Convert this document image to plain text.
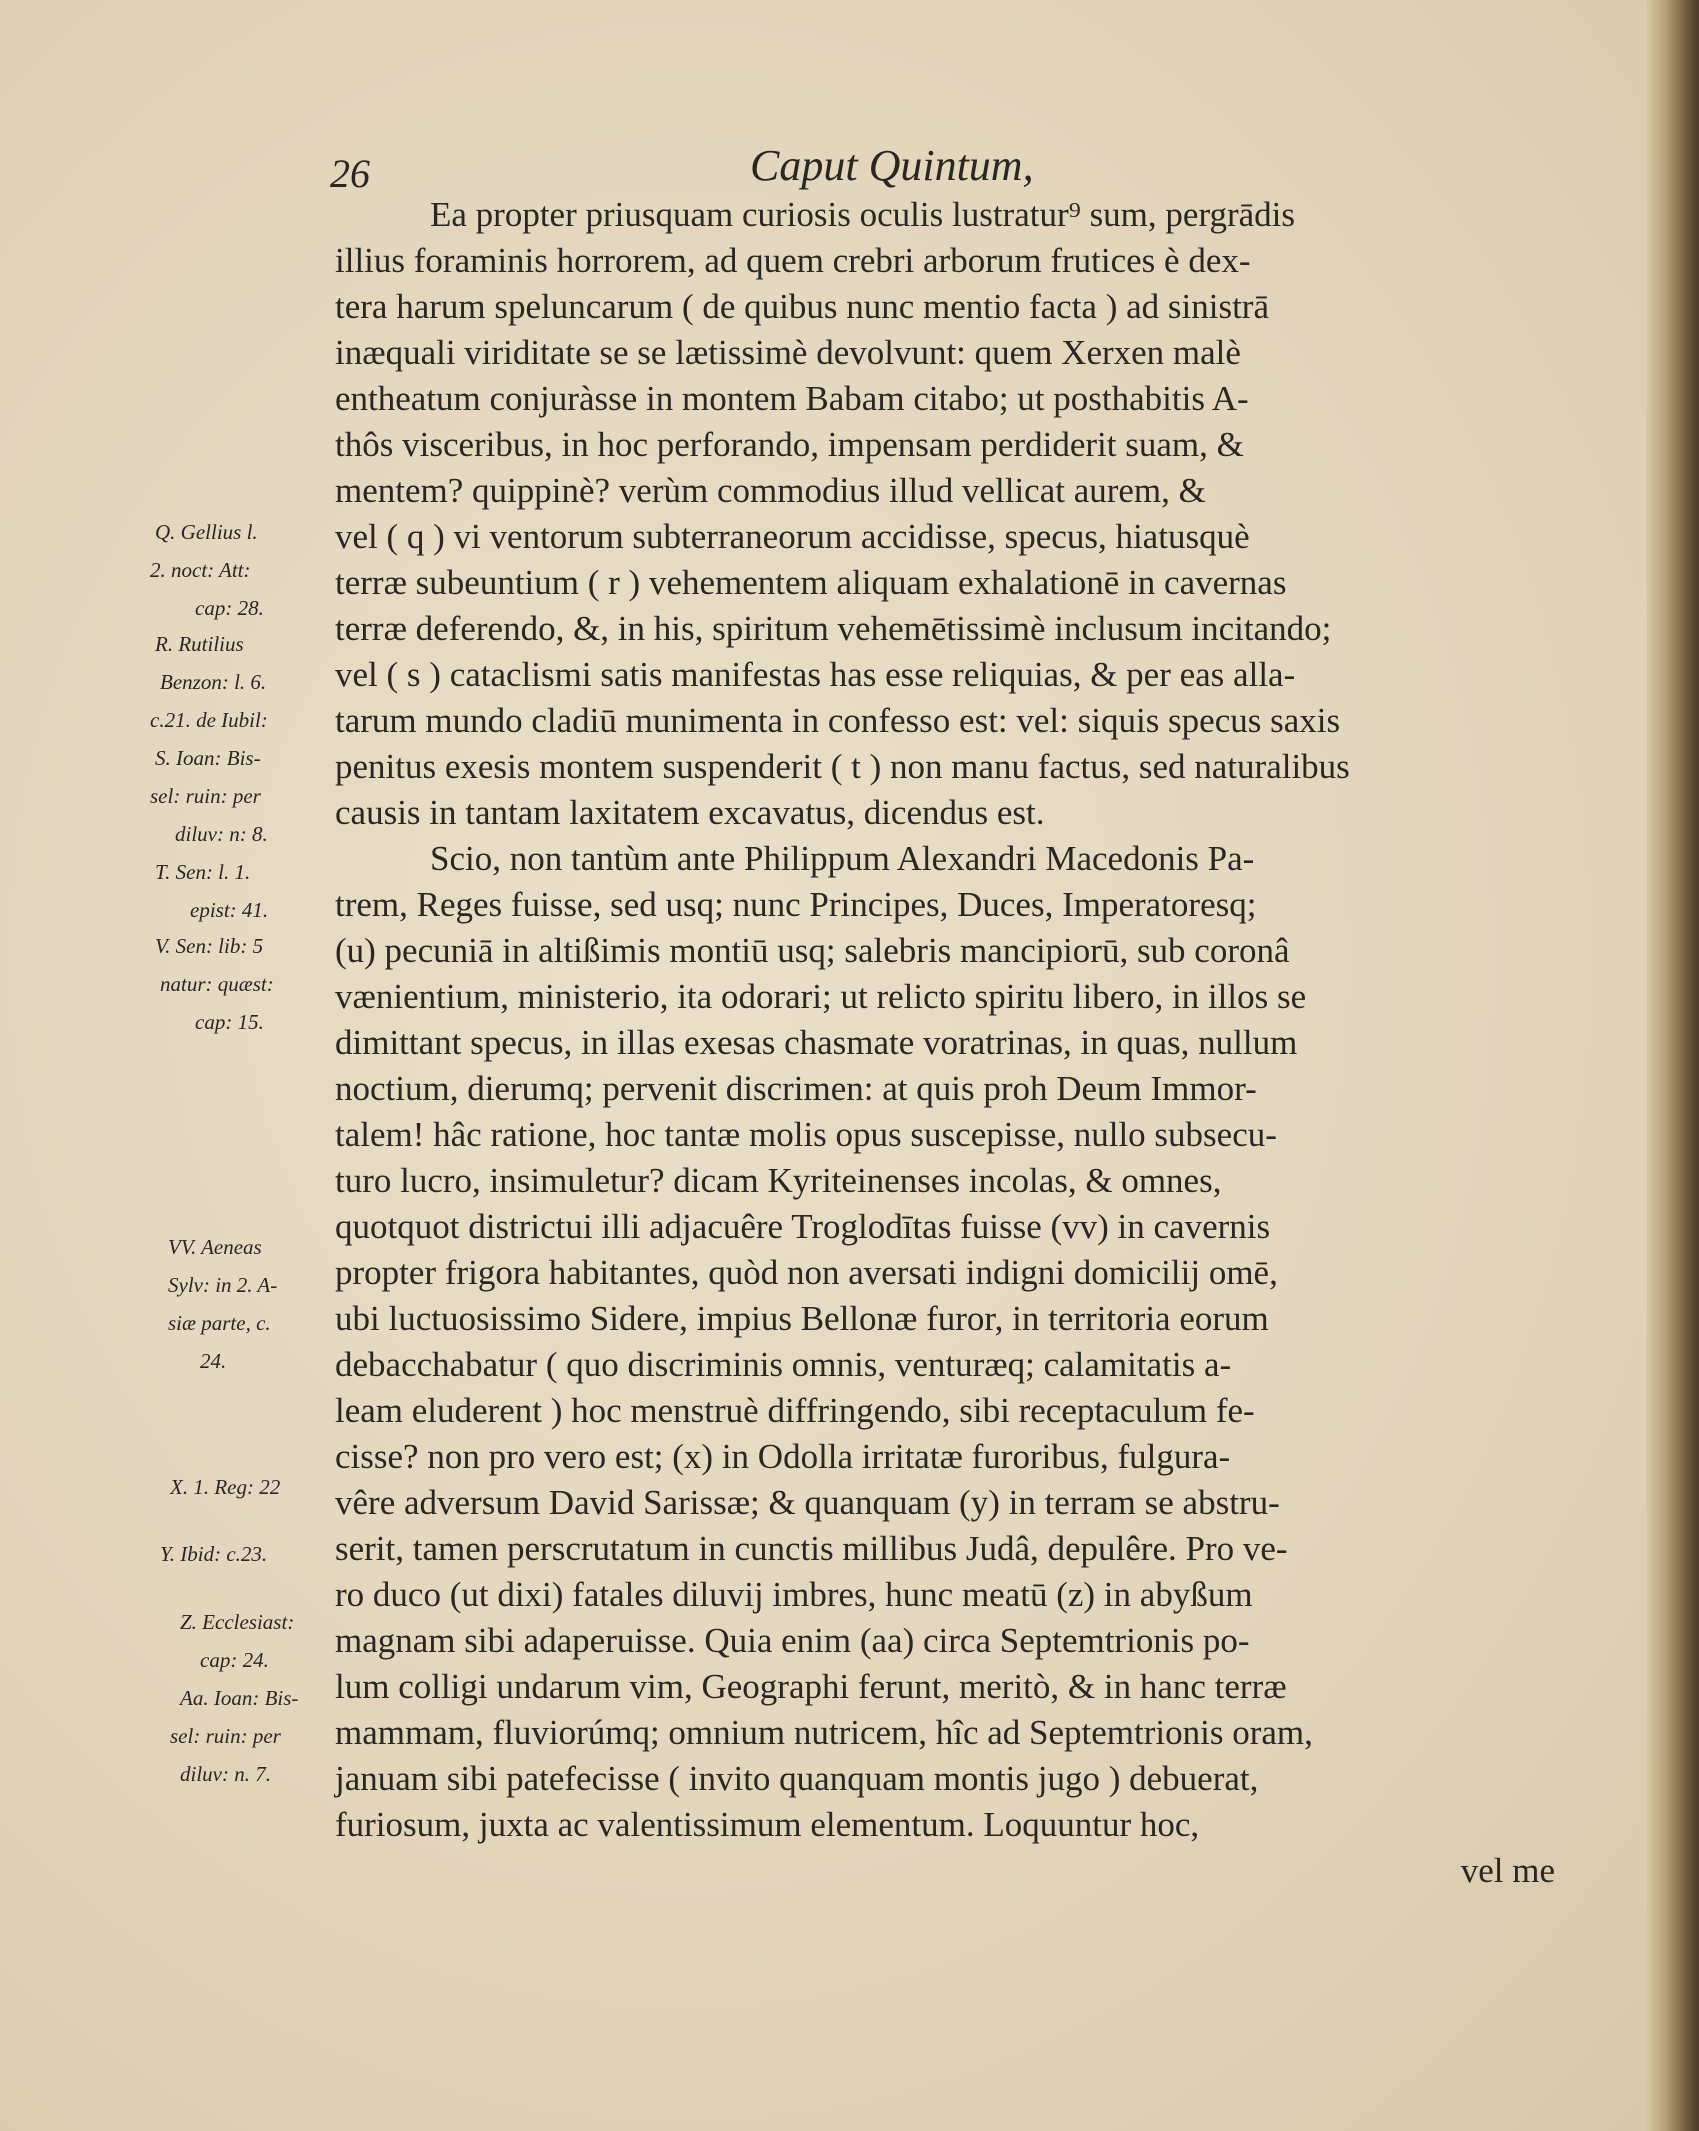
26	Caput Quintum,
Ea propter priusquam curiosis oculis lustratur⁹ sum, pergrādis
illius foraminis horrorem, ad quem crebri arborum frutices è dex-
tera harum speluncarum ( de quibus nunc mentio facta ) ad sinistrā
inæquali viriditate se se lætissimè devolvunt: quem Xerxen malè
entheatum conjuràsse in montem Babam citabo; ut posthabitis A-
thôs visceribus, in hoc perforando, impensam perdiderit suam, &
mentem? quippinè? verùm commodius illud vellicat aurem, &
vel ( q ) vi ventorum subterraneorum accidisse, specus, hiatusquè
terræ subeuntium ( r ) vehementem aliquam exhalationē in cavernas
terræ deferendo, &, in his, spiritum vehemētissimè inclusum incitando;
vel ( s ) cataclismi satis manifestas has esse reliquias, & per eas alla-
tarum mundo cladiū munimenta in confesso est: vel: siquis specus saxis
penitus exesis montem suspenderit ( t ) non manu factus, sed naturalibus
causis in tantam laxitatem excavatus, dicendus est.
Scio, non tantùm ante Philippum Alexandri Macedonis Pa-
trem, Reges fuisse, sed usq; nunc Principes, Duces, Imperatoresq;
(u) pecuniā in altißimis montiū usq; salebris mancipiorū, sub coronâ
vænientium, ministerio, ita odorari; ut relicto spiritu libero, in illos se
dimittant specus, in illas exesas chasmate voratrinas, in quas, nullum
noctium, dierumq; pervenit discrimen: at quis proh Deum Immor-
talem! hâc ratione, hoc tantæ molis opus suscepisse, nullo subsecu-
turo lucro, insimuletur? dicam Kyriteinenses incolas, & omnes,
quotquot districtui illi adjacuêre Troglodītas fuisse (vv) in cavernis
propter frigora habitantes, quòd non aversati indigni domicilij omē,
ubi luctuosissimo Sidere, impius Bellonæ furor, in territoria eorum
debacchabatur ( quo discriminis omnis, venturæq; calamitatis a-
leam eluderent ) hoc menstruè diffringendo, sibi receptaculum fe-
cisse? non pro vero est; (x) in Odolla irritatæ furoribus, fulgura-
vêre adversum David Sarissæ; & quanquam (y) in terram se abstru-
serit, tamen perscrutatum in cunctis millibus Judâ, depulêre. Pro ve-
ro duco (ut dixi) fatales diluvij imbres, hunc meatū (z) in abyßum
magnam sibi adaperuisse. Quia enim (aa) circa Septemtrionis po-
lum colligi undarum vim, Geographi ferunt, meritò, & in hanc terræ
mammam, fluviorúmq; omnium nutricem, hîc ad Septemtrionis oram,
januam sibi patefecisse ( invito quanquam montis jugo ) debuerat,
furiosum, juxta ac valentissimum elementum. Loquuntur hoc,
vel me
Q. Gellius l.
2. noct: Att:
cap: 28.
R. Rutilius
Benzon: l. 6.
c.21. de Iubil:
S. Ioan: Bis-
sel: ruin: per
diluv: n: 8.
T. Sen: l. 1.
epist: 41.
V. Sen: lib: 5
natur: quæst:
cap: 15.
VV. Aeneas
Sylv: in 2. A-
siæ parte, c.
24.
X. 1. Reg: 22
Y. Ibid: c.23.
Z. Ecclesiast:
cap: 24.
Aa. Ioan: Bis-
sel: ruin: per
diluv: n. 7.
